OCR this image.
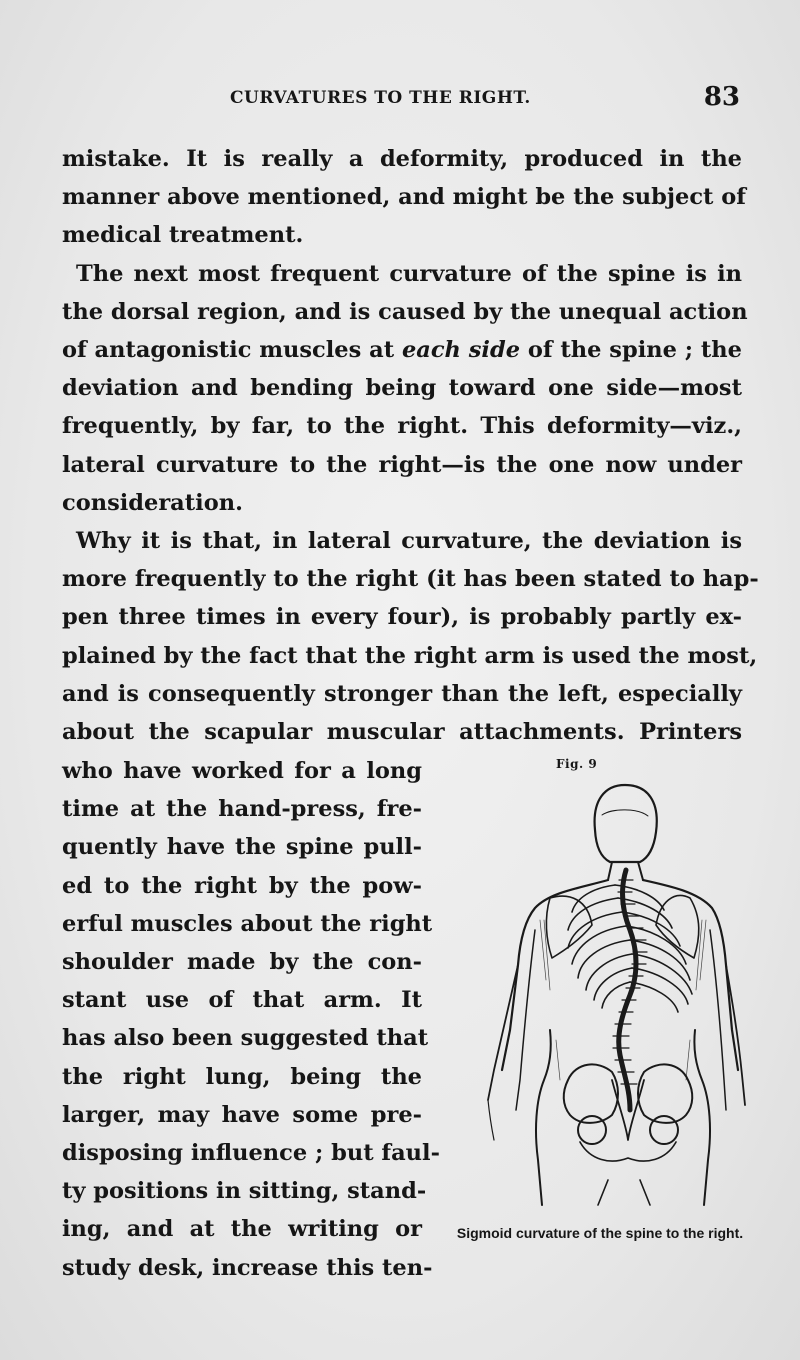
CURVATURES TO THE RIGHT.	83
mistake. It is really a deformity, produced in the
manner above mentioned, and might be the subject of
medical treatment.
The next most frequent curvature of the spine is in
the dorsal region, and is caused by the unequal action
of antagonistic muscles at each side of the spine ; the
deviation and bending being toward one side—most
frequently, by far, to the right. This deformity—viz.,
lateral curvature to the right—is the one now under
consideration.
Why it is that, in lateral curvature, the deviation is
more frequently to the right (it has been stated to hap-
pen three times in every four), is probably partly ex-
plained by the fact that the right arm is used the most,
and is consequently stronger than the left, especially
about the scapular muscular attachments. Printers
who have worked for a long
time at the hand-press, fre-
quently have the spine pull-
ed to the right by the pow-
erful muscles about the right
shoulder made by the con-
stant use of that arm. It
has also been suggested that
the right lung, being the
larger, may have some pre-
disposing influence ; but faul-
ty positions in sitting, stand-
ing, and at the writing or
study desk, increase this ten-
Fig. 9
Sigmoid curvature of the spine to the right.
